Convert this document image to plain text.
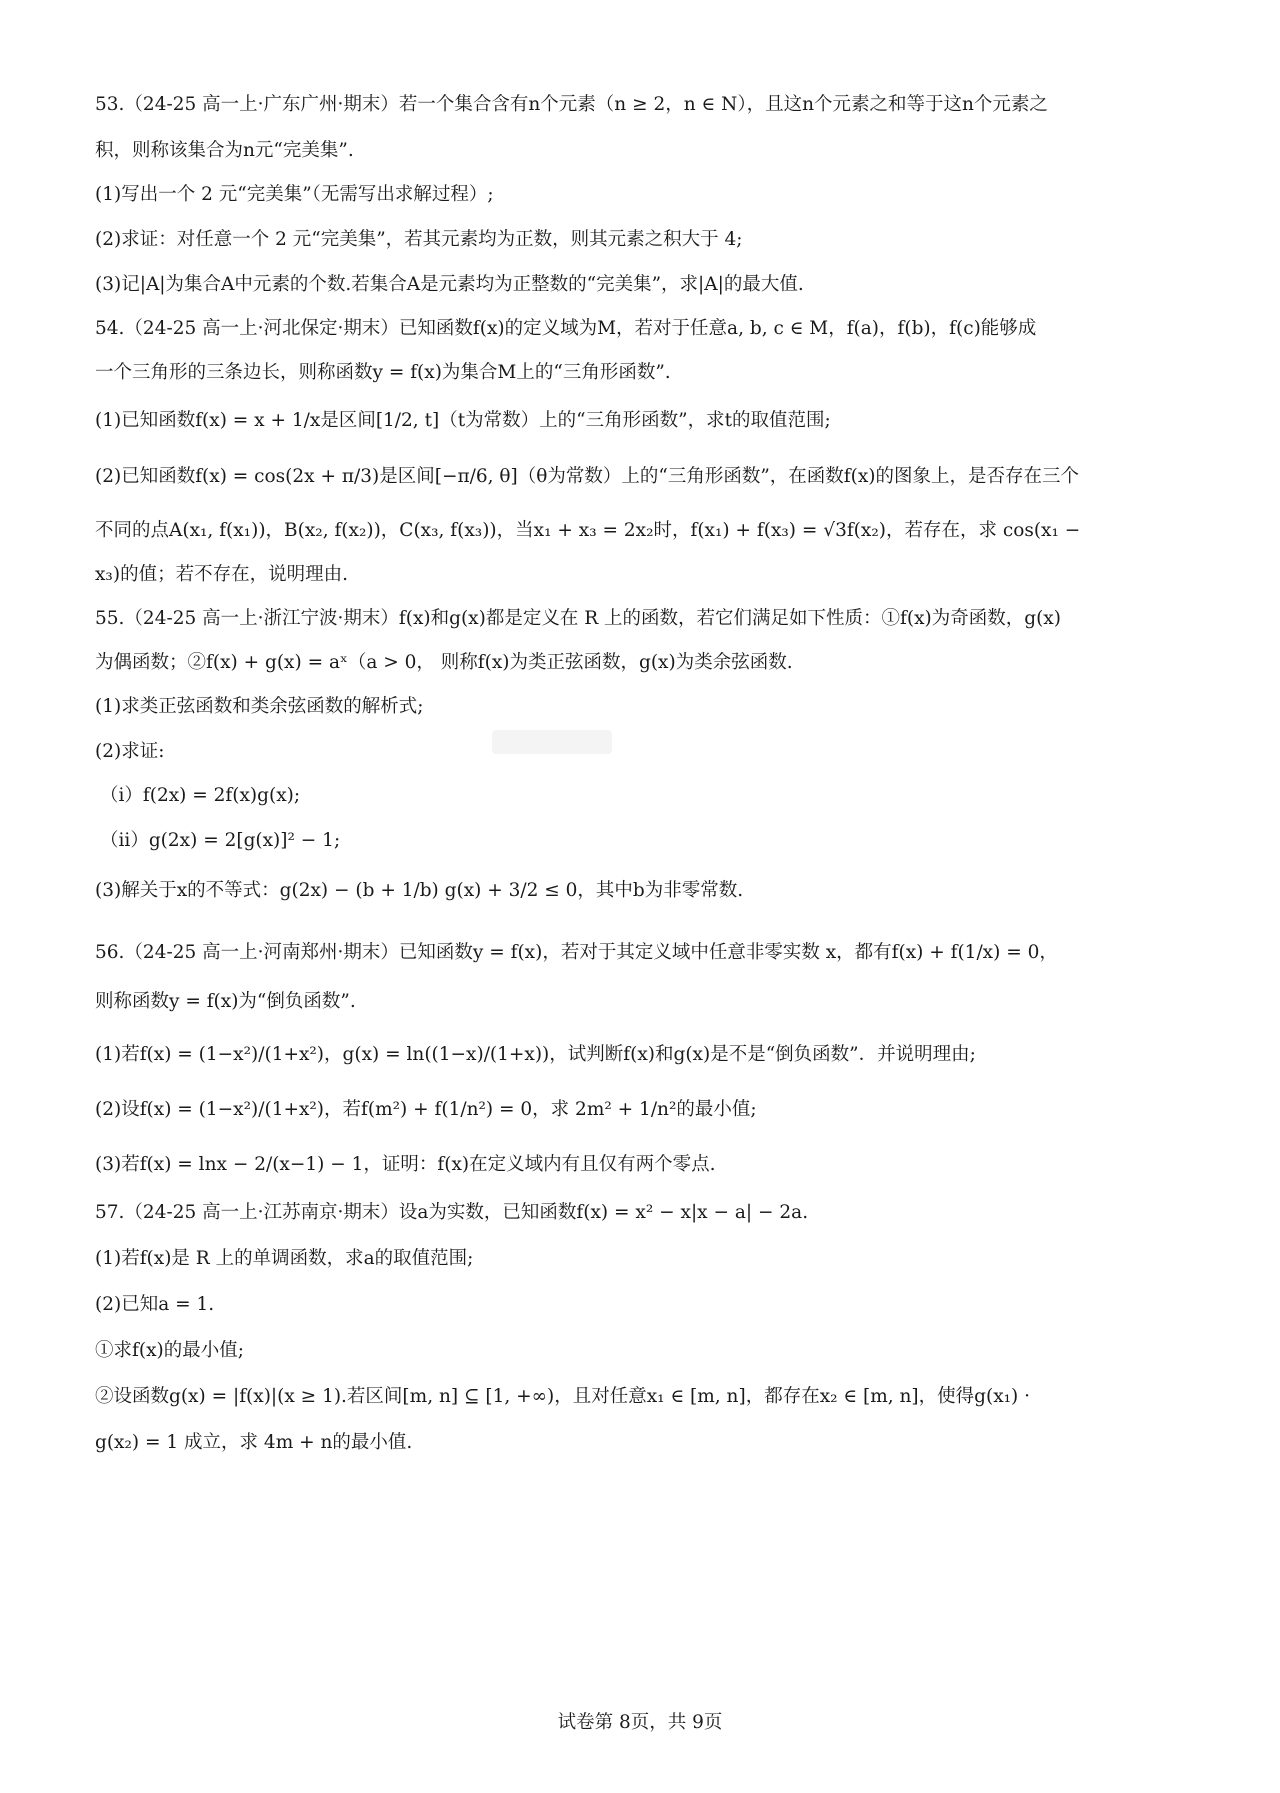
53.（24-25 高一上·广东广州·期末）若一个集合含有n个元素（n ≥ 2，n ∈ N），且这n个元素之和等于这n个元素之
积，则称该集合为n元“完美集”.
(1)写出一个 2 元“完美集”（无需写出求解过程）;
(2)求证：对任意一个 2 元“完美集”，若其元素均为正数，则其元素之积大于 4;
(3)记|A|为集合A中元素的个数.若集合A是元素均为正整数的“完美集”，求|A|的最大值.
54.（24-25 高一上·河北保定·期末）已知函数f(x)的定义域为M，若对于任意a, b, c ∈ M，f(a)，f(b)，f(c)能够成
一个三角形的三条边长，则称函数y = f(x)为集合M上的“三角形函数”.
(1)已知函数f(x) = x + 1/x是区间[1/2, t]（t为常数）上的“三角形函数”，求t的取值范围;
(2)已知函数f(x) = cos(2x + π/3)是区间[−π/6, θ]（θ为常数）上的“三角形函数”，在函数f(x)的图象上，是否存在三个
不同的点A(x₁, f(x₁))，B(x₂, f(x₂))，C(x₃, f(x₃))，当x₁ + x₃ = 2x₂时，f(x₁) + f(x₃) = √3f(x₂)，若存在，求 cos(x₁ −
x₃)的值；若不存在，说明理由.
55.（24-25 高一上·浙江宁波·期末）f(x)和g(x)都是定义在 R 上的函数，若它们满足如下性质：①f(x)为奇函数，g(x)
为偶函数；②f(x) + g(x) = aˣ（a > 0， 则称f(x)为类正弦函数，g(x)为类余弦函数.
(1)求类正弦函数和类余弦函数的解析式;
(2)求证:
（i）f(2x) = 2f(x)g(x);
（ii）g(2x) = 2[g(x)]² − 1;
(3)解关于x的不等式：g(2x) − (b + 1/b) g(x) + 3/2 ≤ 0，其中b为非零常数.
56.（24-25 高一上·河南郑州·期末）已知函数y = f(x)，若对于其定义域中任意非零实数 x，都有f(x) + f(1/x) = 0，
则称函数y = f(x)为“倒负函数”.
(1)若f(x) = (1−x²)/(1+x²)，g(x) = ln((1−x)/(1+x))，试判断f(x)和g(x)是不是“倒负函数”．并说明理由;
(2)设f(x) = (1−x²)/(1+x²)，若f(m²) + f(1/n²) = 0，求 2m² + 1/n²的最小值;
(3)若f(x) = lnx − 2/(x−1) − 1，证明：f(x)在定义域内有且仅有两个零点.
57.（24-25 高一上·江苏南京·期末）设a为实数，已知函数f(x) = x² − x|x − a| − 2a.
(1)若f(x)是 R 上的单调函数，求a的取值范围;
(2)已知a = 1.
①求f(x)的最小值;
②设函数g(x) = |f(x)|(x ≥ 1).若区间[m, n] ⊆ [1, +∞)，且对任意x₁ ∈ [m, n]，都存在x₂ ∈ [m, n]，使得g(x₁) ·
g(x₂) = 1 成立，求 4m + n的最小值.
试卷第 8页，共 9页
